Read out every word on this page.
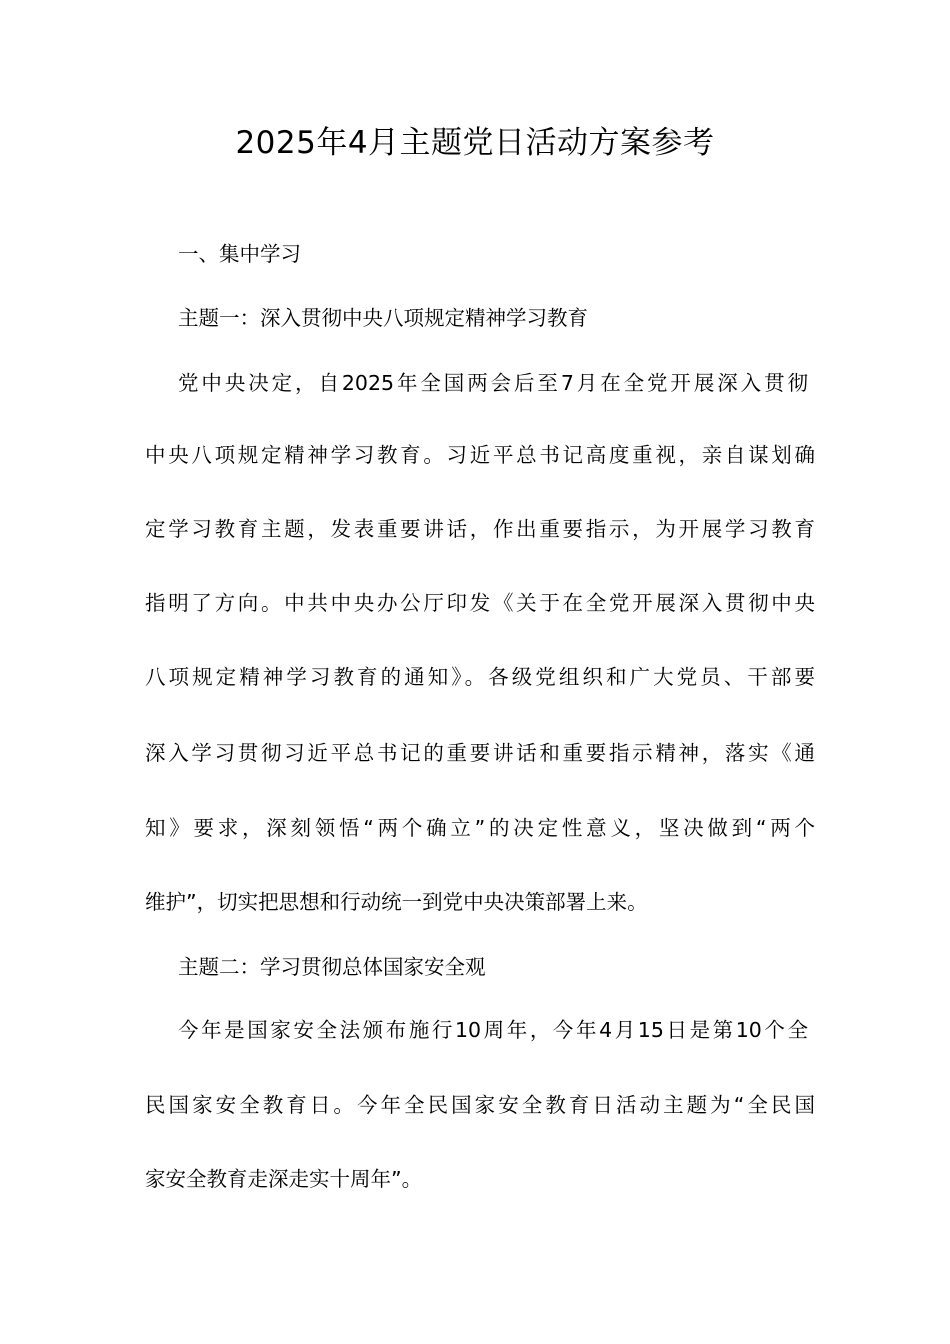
2025年4月主题党日活动方案参考

一、集中学习

主题一：深入贯彻中央八项规定精神学习教育

党中央决定，自2025年全国两会后至7月在全党开展深入贯彻

中央八项规定精神学习教育。习近平总书记高度重视，亲自谋划确

定学习教育主题，发表重要讲话，作出重要指示，为开展学习教育

指明了方向。中共中央办公厅印发《关于在全党开展深入贯彻中央

八项规定精神学习教育的通知》。各级党组织和广大党员、干部要

深入学习贯彻习近平总书记的重要讲话和重要指示精神，落实《通

知》要求，深刻领悟“两个确立”的决定性意义，坚决做到“两个

维护”，切实把思想和行动统一到党中央决策部署上来。

主题二：学习贯彻总体国家安全观

今年是国家安全法颁布施行10周年，今年4月15日是第10个全

民国家安全教育日。今年全民国家安全教育日活动主题为“全民国

家安全教育走深走实十周年”。
